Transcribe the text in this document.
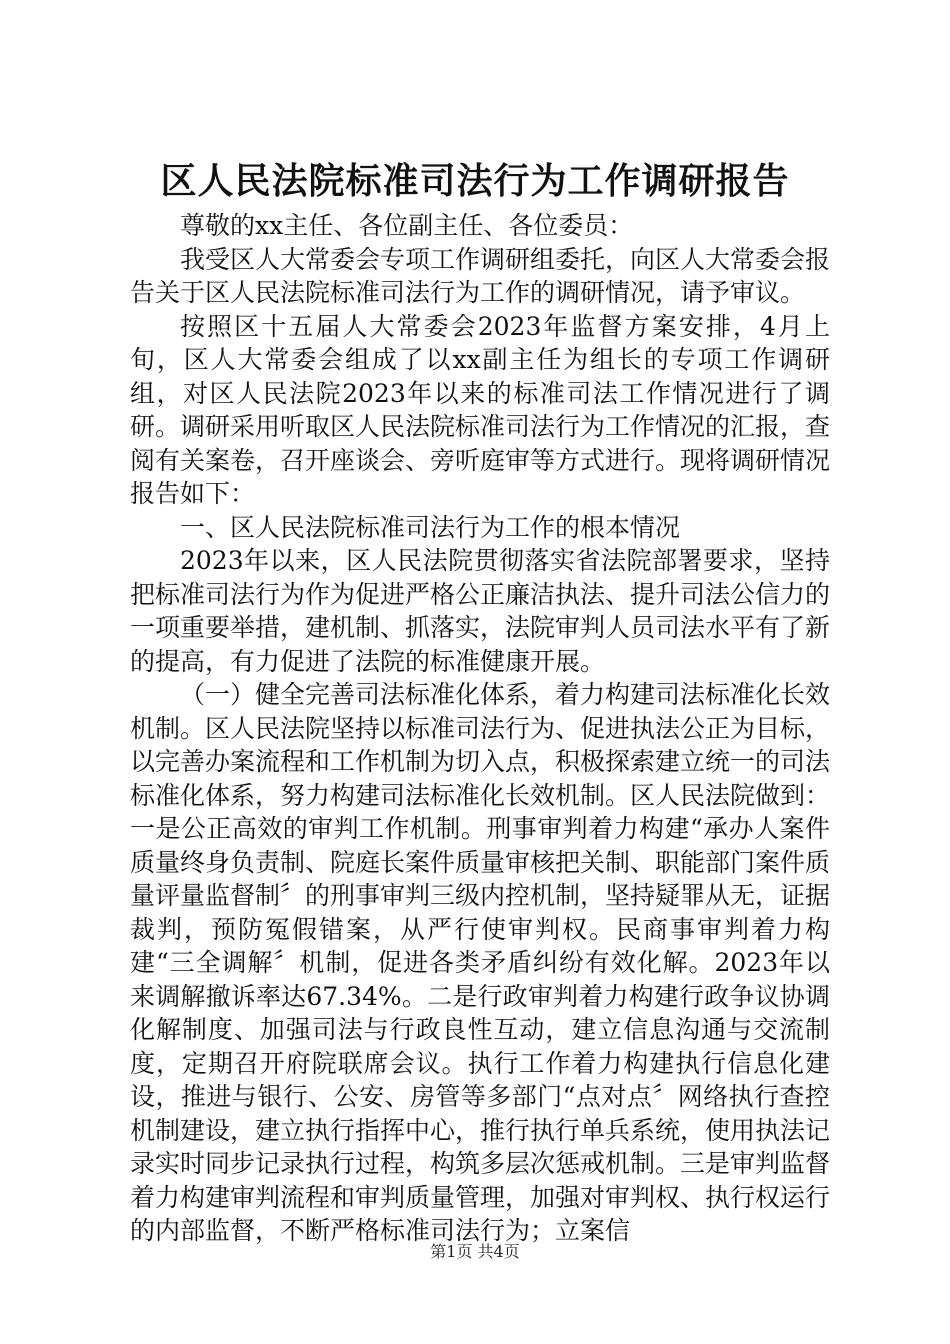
区人民法院标准司法行为工作调研报告

尊敬的xx主任、各位副主任、各位委员：

我受区人大常委会专项工作调研组委托，向区人大常委会报告关于区人民法院标准司法行为工作的调研情况，请予审议。

按照区十五届人大常委会2023年监督方案安排，4月上旬，区人大常委会组成了以xx副主任为组长的专项工作调研组，对区人民法院2023年以来的标准司法工作情况进行了调研。调研采用听取区人民法院标准司法行为工作情况的汇报，查阅有关案卷，召开座谈会、旁听庭审等方式进行。现将调研情况报告如下：

一、区人民法院标准司法行为工作的根本情况

2023年以来，区人民法院贯彻落实省法院部署要求，坚持把标准司法行为作为促进严格公正廉洁执法、提升司法公信力的一项重要举措，建机制、抓落实，法院审判人员司法水平有了新的提高，有力促进了法院的标准健康开展。

（一）健全完善司法标准化体系，着力构建司法标准化长效机制。区人民法院坚持以标准司法行为、促进执法公正为目标，以完善办案流程和工作机制为切入点，积极探索建立统一的司法标准化体系，努力构建司法标准化长效机制。区人民法院做到：一是公正高效的审判工作机制。刑事审判着力构建“承办人案件质量终身负责制、院庭长案件质量审核把关制、职能部门案件质量评量监督制〞的刑事审判三级内控机制，坚持疑罪从无，证据裁判，预防冤假错案，从严行使审判权。民商事审判着力构建“三全调解〞机制，促进各类矛盾纠纷有效化解。2023年以来调解撤诉率达67.34%。二是行政审判着力构建行政争议协调化解制度、加强司法与行政良性互动，建立信息沟通与交流制度，定期召开府院联席会议。执行工作着力构建执行信息化建设，推进与银行、公安、房管等多部门“点对点〞网络执行查控机制建设，建立执行指挥中心，推行执行单兵系统，使用执法记录实时同步记录执行过程，构筑多层次惩戒机制。三是审判监督着力构建审判流程和审判质量管理，加强对审判权、执行权运行的内部监督，不断严格标准司法行为；立案信

第1页 共4页
